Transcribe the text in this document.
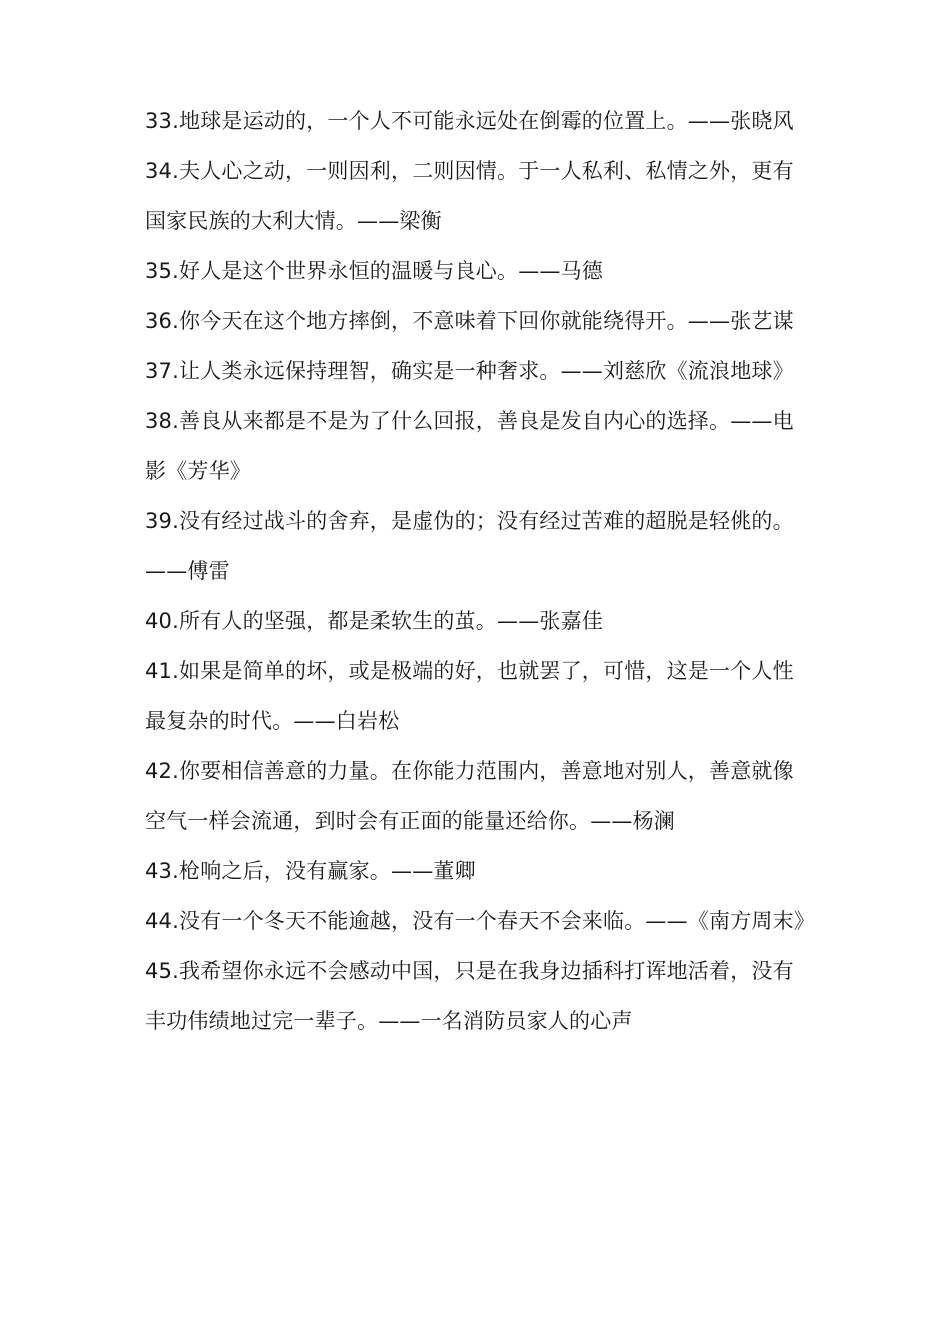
33.地球是运动的，一个人不可能永远处在倒霉的位置上。——张晓风

34.夫人心之动，一则因利，二则因情。于一人私利、私情之外，更有国家民族的大利大情。——梁衡

35.好人是这个世界永恒的温暖与良心。——马德

36.你今天在这个地方摔倒，不意味着下回你就能绕得开。——张艺谋

37.让人类永远保持理智，确实是一种奢求。——刘慈欣《流浪地球》

38.善良从来都是不是为了什么回报，善良是发自内心的选择。——电影《芳华》

39.没有经过战斗的舍弃，是虚伪的；没有经过苦难的超脱是轻佻的。——傅雷

40.所有人的坚强，都是柔软生的茧。——张嘉佳

41.如果是简单的坏，或是极端的好，也就罢了，可惜，这是一个人性最复杂的时代。——白岩松

42.你要相信善意的力量。在你能力范围内，善意地对别人，善意就像空气一样会流通，到时会有正面的能量还给你。——杨澜

43.枪响之后，没有赢家。——董卿

44.没有一个冬天不能逾越，没有一个春天不会来临。——《南方周末》

45.我希望你永远不会感动中国，只是在我身边插科打诨地活着，没有丰功伟绩地过完一辈子。——一名消防员家人的心声
